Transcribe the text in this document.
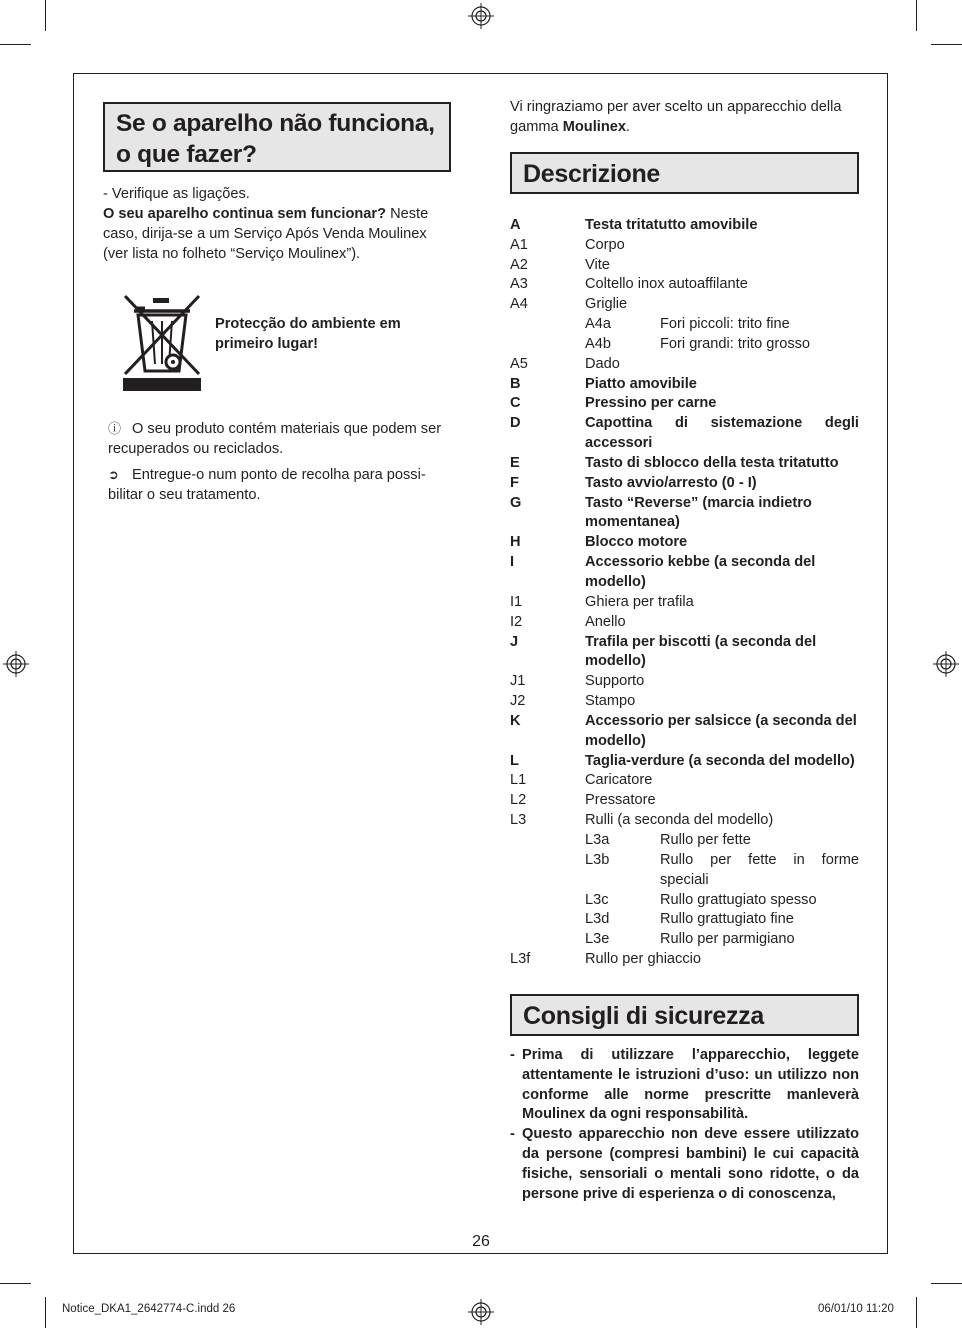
Se o aparelho não funciona, o que fazer?
- Verifique as ligações.
O seu aparelho continua sem funcionar? Neste caso, dirija-se a um Serviço Após Venda Moulinex (ver lista no folheto “Serviço Moulinex”).
Protecção do ambiente em primeiro lugar!
ⓘ O seu produto contém materiais que podem ser recuperados ou reciclados.
➲ Entregue-o num ponto de recolha para possi-bilitar o seu tratamento.
Vi ringraziamo per aver scelto un apparecchio della gamma Moulinex.
Descrizione
A	Testa tritatutto amovibile	
A1	Corpo	
A2	Vite	
A3	Coltello inox autoaffilante	
A4	Griglie	
	A4a	Fori piccoli: trito fine
	A4b	Fori grandi: trito grosso
A5	Dado	
B	Piatto amovibile	
C	Pressino per carne	
D	Capottina di sistemazione degli accessori	
E	Tasto di sblocco della testa tritatutto	
F	Tasto avvio/arresto (0 - I)	
G	Tasto “Reverse” (marcia indietro momentanea)	
H	Blocco motore	
I	Accessorio kebbe (a seconda del modello)	
I1	Ghiera per trafila	
I2	Anello	
J	Trafila per biscotti (a seconda del modello)	
J1	Supporto	
J2	Stampo	
K	Accessorio per salsicce (a seconda del modello)	
L	Taglia-verdure (a seconda del modello)	
L1	Caricatore	
L2	Pressatore	
L3	Rulli (a seconda del modello)	
	L3a	Rullo per fette
	L3b	Rullo per fette in forme speciali
	L3c	Rullo grattugiato spesso
	L3d	Rullo grattugiato fine
	L3e	Rullo per parmigiano
L3f	Rullo per ghiaccio	
Consigli di sicurezza
- Prima di utilizzare l’apparecchio, leggete attentamente le istruzioni d’uso: un utilizzo non conforme alle norme prescritte manleverà Moulinex da ogni responsabilità.
- Questo apparecchio non deve essere utilizzato da persone (compresi bambini) le cui capacità fisiche, sensoriali o mentali sono ridotte, o da persone prive di esperienza o di conoscenza,
26
Notice_DKA1_2642774-C.indd 26	06/01/10 11:20
